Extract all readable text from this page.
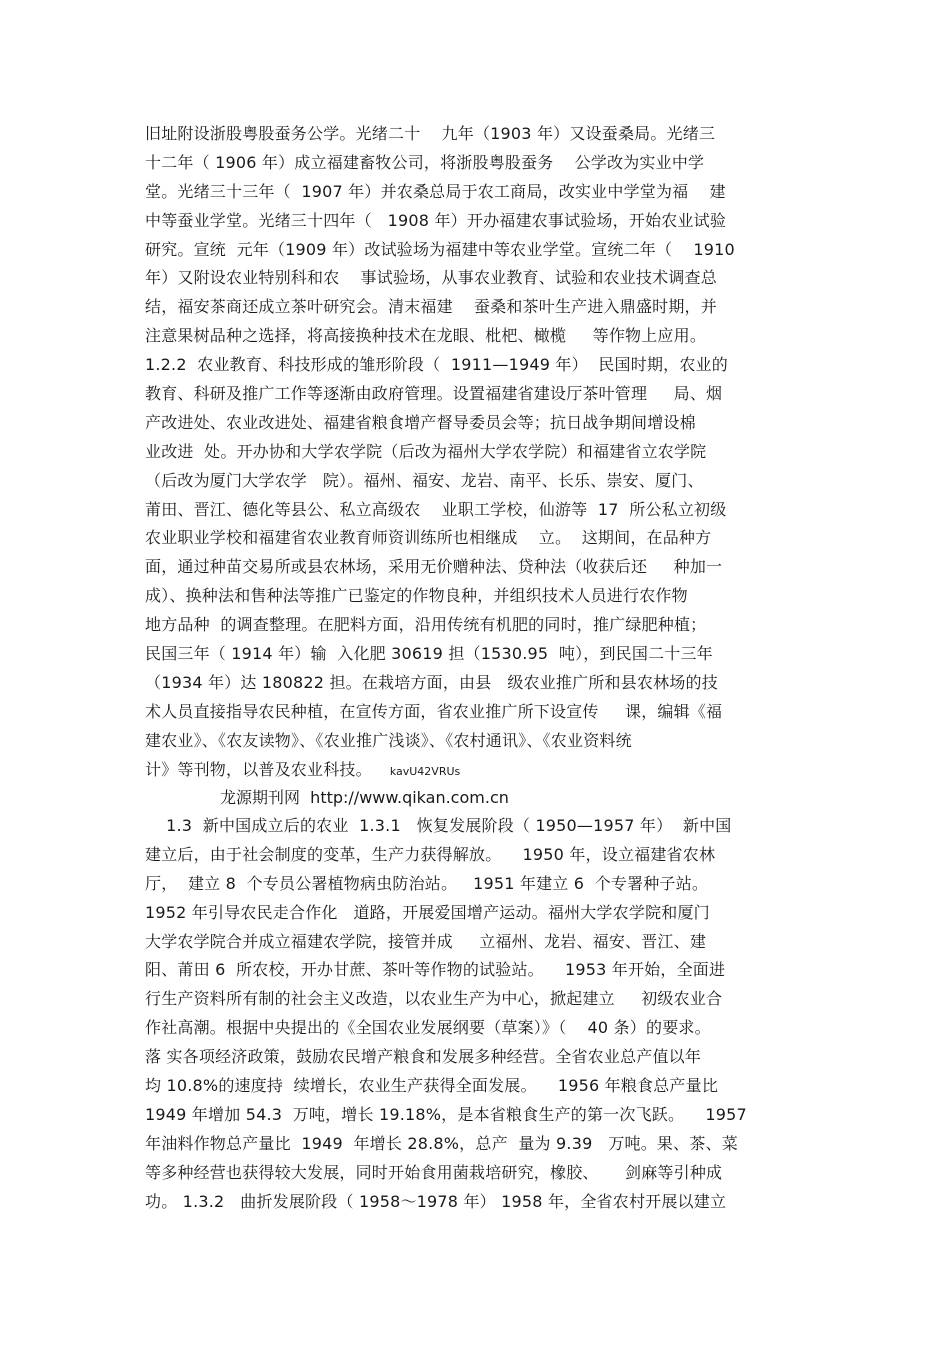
旧址附设浙股粤股蚕务公学。光绪二十    九年（1903 年）又设蚕桑局。光绪三
十二年（ 1906 年）成立福建畜牧公司，将浙股粤股蚕务    公学改为实业中学
堂。光绪三十三年（  1907 年）并农桑总局于农工商局，改实业中学堂为福    建
中等蚕业学堂。光绪三十四年（   1908 年）开办福建农事试验场，开始农业试验
研究。宣统  元年（1909 年）改试验场为福建中等农业学堂。宣统二年（    1910
年）又附设农业特别科和农    事试验场，从事农业教育、试验和农业技术调查总
结，福安茶商还成立茶叶研究会。清末福建    蚕桑和茶叶生产进入鼎盛时期，并
注意果树品种之选择，将高接换种技术在龙眼、枇杷、橄榄     等作物上应用。
1.2.2  农业教育、科技形成的雏形阶段（  1911—1949 年）  民国时期，农业的
教育、科研及推广工作等逐渐由政府管理。设置福建省建设厅茶叶管理     局、烟
产改进处、农业改进处、福建省粮食增产督导委员会等；抗日战争期间增设棉
业改进  处。开办协和大学农学院（后改为福州大学农学院）和福建省立农学院
（后改为厦门大学农学   院）。福州、福安、龙岩、南平、长乐、崇安、厦门、
莆田、晋江、德化等县公、私立高级农    业职工学校，仙游等  17  所公私立初级
农业职业学校和福建省农业教育师资训练所也相继成    立。  这期间，在品种方
面，通过种苗交易所或县农林场，采用无价赠种法、贷种法（收获后还     种加一
成）、换种法和售种法等推广已鉴定的作物良种，并组织技术人员进行农作物
地方品种  的调查整理。在肥料方面，沿用传统有机肥的同时，推广绿肥种植；
民国三年（ 1914 年）输  入化肥 30619 担（1530.95  吨），到民国二十三年
（1934 年）达 180822 担。在栽培方面，由县   级农业推广所和县农林场的技
术人员直接指导农民种植，在宣传方面，省农业推广所下设宣传     课，编辑《福
建农业》、《农友读物》、《农业推广浅谈》、《农村通讯》、《农业资料统
计》等刊物，以普及农业科技。 kavU42VRUs
龙源期刊网  http://www.qikan.com.cn
1.3  新中国成立后的农业  1.3.1   恢复发展阶段（ 1950—1957 年）  新中国
建立后，由于社会制度的变革，生产力获得解放。    1950 年，设立福建省农林
厅，  建立 8  个专员公署植物病虫防治站。   1951 年建立 6  个专署种子站。
1952 年引导农民走合作化   道路，开展爱国增产运动。福州大学农学院和厦门
大学农学院合并成立福建农学院，接管并成     立福州、龙岩、福安、晋江、建
阳、莆田 6  所农校，开办甘蔗、茶叶等作物的试验站。    1953 年开始，全面进
行生产资料所有制的社会主义改造，以农业生产为中心，掀起建立     初级农业合
作社高潮。根据中央提出的《全国农业发展纲要（草案）》（    40 条）的要求。
落 实各项经济政策，鼓励农民增产粮食和发展多种经营。全省农业总产值以年
均 10.8%的速度持  续增长，农业生产获得全面发展。    1956 年粮食总产量比
1949 年增加 54.3  万吨，增长 19.18%，是本省粮食生产的第一次飞跃。    1957
年油料作物总产量比  1949  年增长 28.8%，总产  量为 9.39   万吨。果、茶、菜
等多种经营也获得较大发展，同时开始食用菌栽培研究，橡胶、     剑麻等引种成
功。 1.3.2   曲折发展阶段（ 1958～1978 年） 1958 年，全省农村开展以建立
